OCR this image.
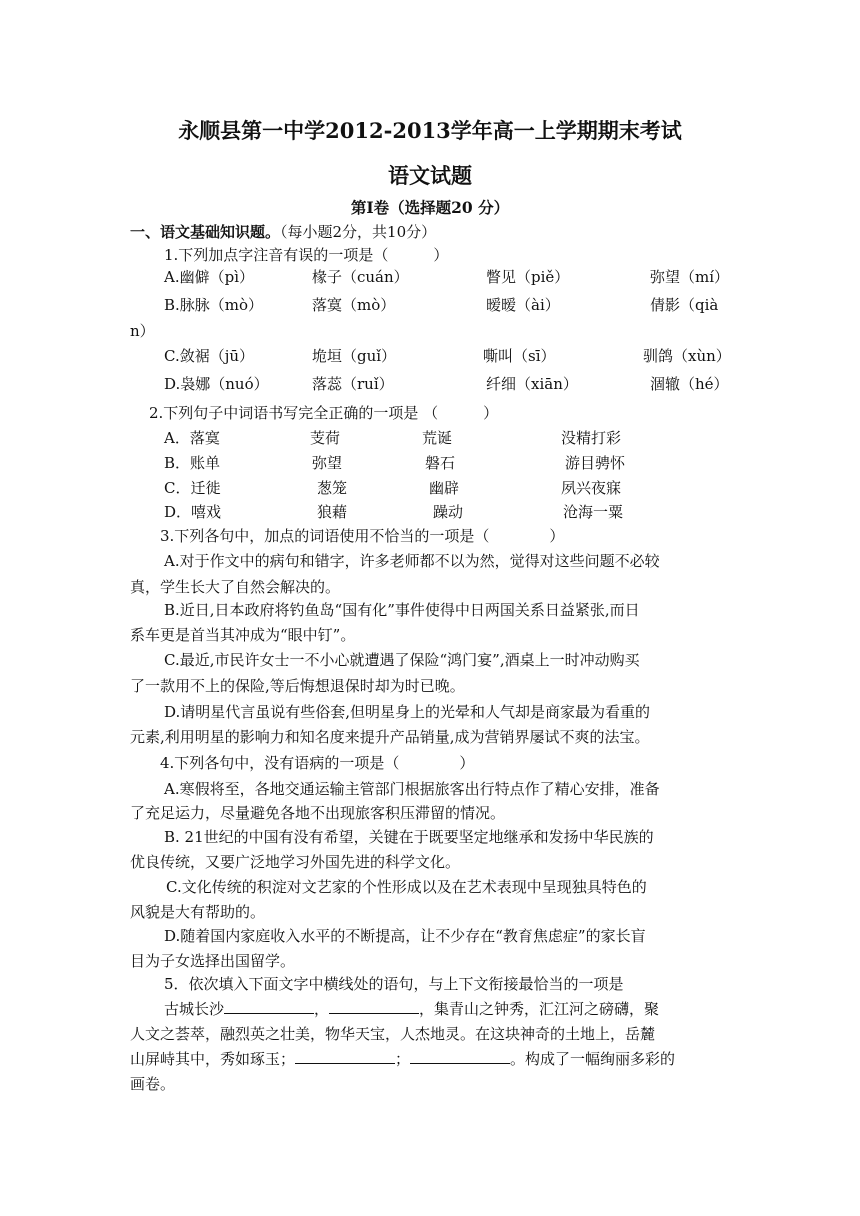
永顺县第一中学2012-2013学年高一上学期期末考试
语文试题
第Ⅰ卷（选择题20 分）
一、语文基础知识题。（每小题2分，共10分）
1.下列加点字注音有误的一项是（　　　）
A.幽僻（pì）	椽子（cuán）	瞥见（piě）	弥望（mí）
B.脉脉（mò）	落寞（mò）	暧暧（ài）	倩影（qià
n）
C.敛裾（jū）	垝垣（guǐ）	嘶叫（sī）	驯鸽（xùn）
D.袅娜（nuó）	落蕊（ruǐ）	纤细（xiān）	涸辙（hé）
2.下列句子中词语书写完全正确的一项是 （　　　）
A．落寞	芰荷	荒诞	没精打彩
B．账单	弥望	磐石	游目骋怀
C．迁徙	葱笼	幽辟	夙兴夜寐
D．嘻戏	狼藉	躁动	沧海一粟
3.下列各句中，加点的词语使用不恰当的一项是（　　　　）
A.对于作文中的病句和错字，许多老师都不以为然，觉得对这些问题不必较
真，学生长大了自然会解决的。
B.近日,日本政府将钓鱼岛“国有化”事件使得中日两国关系日益紧张,而日
系车更是首当其冲成为“眼中钉”。
C.最近,市民许女士一不小心就遭遇了保险“鸿门宴”,酒桌上一时冲动购买
了一款用不上的保险,等后悔想退保时却为时已晚。
D.请明星代言虽说有些俗套,但明星身上的光晕和人气却是商家最为看重的
元素,利用明星的影响力和知名度来提升产品销量,成为营销界屡试不爽的法宝。
4.下列各句中，没有语病的一项是（　　　　）
A.寒假将至，各地交通运输主管部门根据旅客出行特点作了精心安排，准备
了充足运力，尽量避免各地不出现旅客积压滞留的情况。
B. 21世纪的中国有没有希望，关键在于既要坚定地继承和发扬中华民族的
优良传统，又要广泛地学习外国先进的科学文化。
C.文化传统的积淀对文艺家的个性形成以及在艺术表现中呈现独具特色的
风貌是大有帮助的。
D.随着国内家庭收入水平的不断提高，让不少存在“教育焦虑症”的家长盲
目为子女选择出国留学。
5．依次填入下面文字中横线处的语句，与上下文衔接最恰当的一项是
古城长沙	，	，集青山之钟秀，汇江河之磅礴，聚
人文之荟萃，融烈英之壮美，物华天宝，人杰地灵。在这块神奇的土地上，岳麓
山屏峙其中，秀如琢玉；	；	。构成了一幅绚丽多彩的
画卷。
